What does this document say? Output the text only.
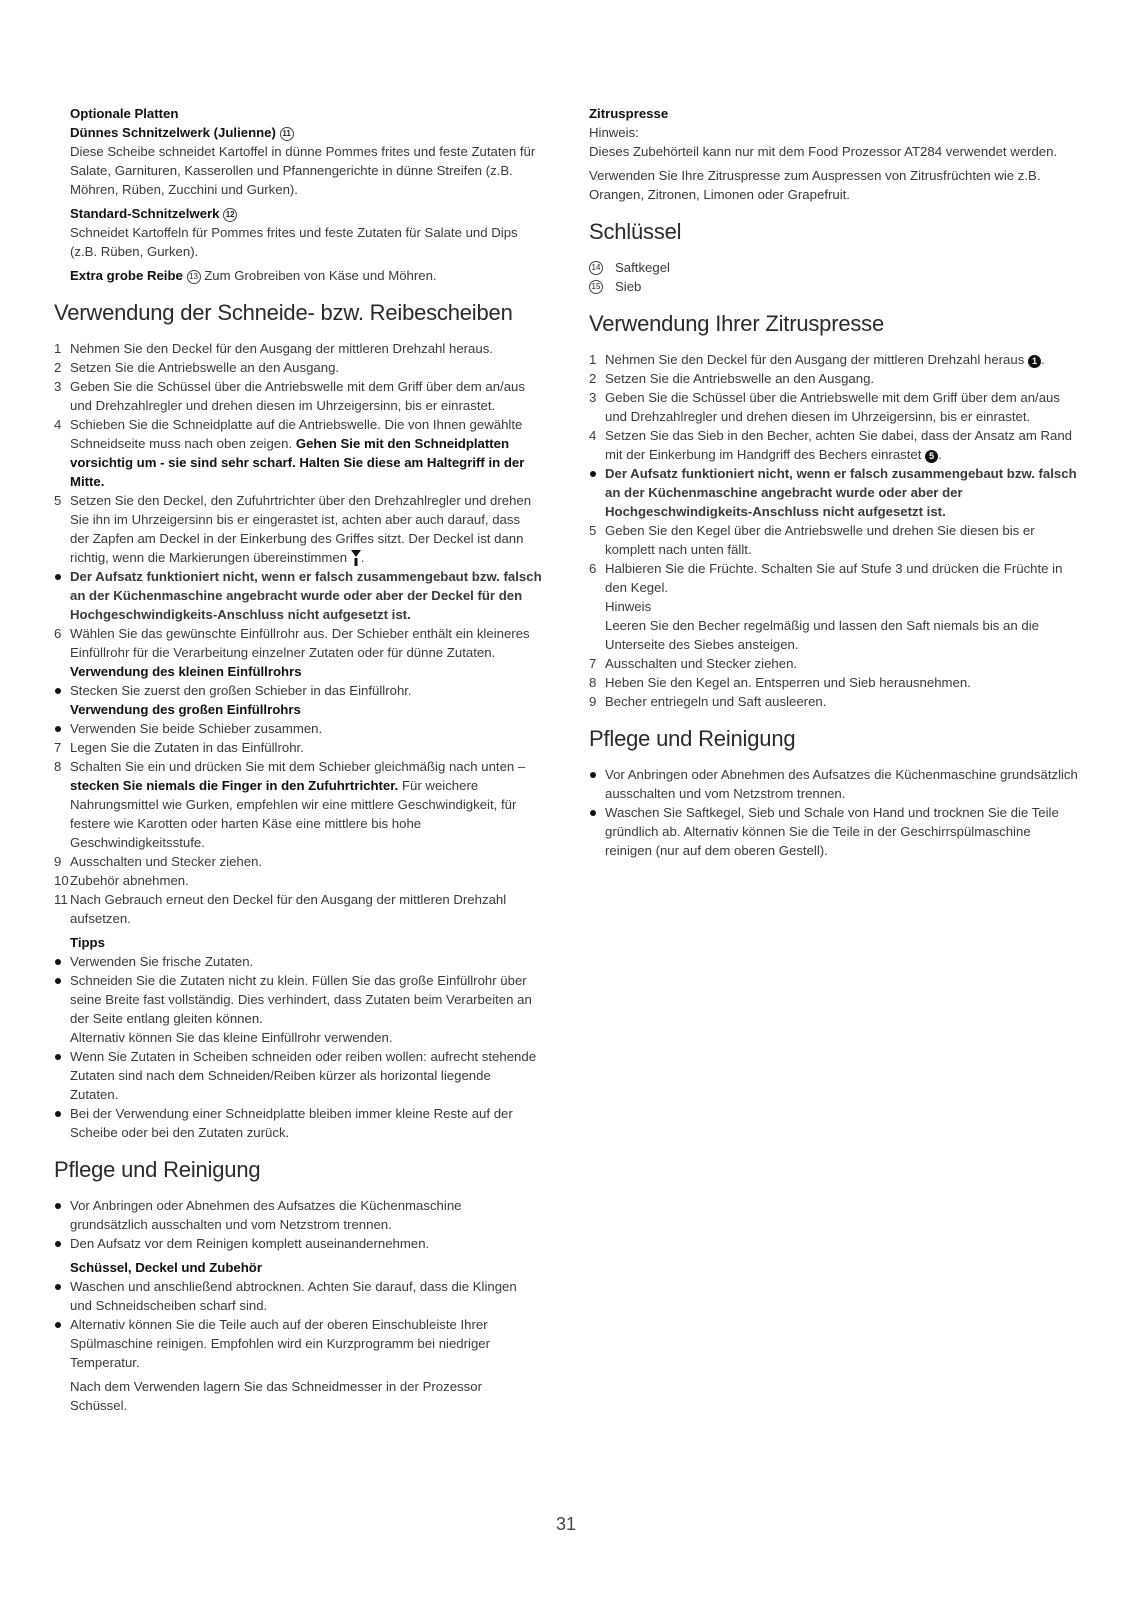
Optionale Platten
Dünnes Schnitzelwerk (Julienne) 11
Diese Scheibe schneidet Kartoffel in dünne Pommes frites und feste Zutaten für Salate, Garnituren, Kasserollen und Pfannengerichte in dünne Streifen (z.B. Möhren, Rüben, Zucchini und Gurken).
Standard-Schnitzelwerk 12
Schneidet Kartoffeln für Pommes frites und feste Zutaten für Salate und Dips (z.B. Rüben, Gurken).
Extra grobe Reibe 13 Zum Grobreiben von Käse und Möhren.
Verwendung der Schneide- bzw. Reibescheiben
1 Nehmen Sie den Deckel für den Ausgang der mittleren Drehzahl heraus.
2 Setzen Sie die Antriebswelle an den Ausgang.
3 Geben Sie die Schüssel über die Antriebswelle mit dem Griff über dem an/aus und Drehzahlregler und drehen diesen im Uhrzeigersinn, bis er einrastet.
4 Schieben Sie die Schneidplatte auf die Antriebswelle. Die von Ihnen gewählte Schneidseite muss nach oben zeigen. Gehen Sie mit den Schneidplatten vorsichtig um - sie sind sehr scharf. Halten Sie diese am Haltegriff in der Mitte.
5 Setzen Sie den Deckel, den Zufuhrtrichter über den Drehzahlregler und drehen Sie ihn im Uhrzeigersinn bis er eingerastet ist, achten aber auch darauf, dass der Zapfen am Deckel in der Einkerbung des Griffes sitzt. Der Deckel ist dann richtig, wenn die Markierungen übereinstimmen .
Der Aufsatz funktioniert nicht, wenn er falsch zusammengebaut bzw. falsch an der Küchenmaschine angebracht wurde oder aber der Deckel für den Hochgeschwindigkeits-Anschluss nicht aufgesetzt ist.
6 Wählen Sie das gewünschte Einfüllrohr aus. Der Schieber enthält ein kleineres Einfüllrohr für die Verarbeitung einzelner Zutaten oder für dünne Zutaten.
Verwendung des kleinen Einfüllrohrs
Stecken Sie zuerst den großen Schieber in das Einfüllrohr.
Verwendung des großen Einfüllrohrs
Verwenden Sie beide Schieber zusammen.
7 Legen Sie die Zutaten in das Einfüllrohr.
8 Schalten Sie ein und drücken Sie mit dem Schieber gleichmäßig nach unten – stecken Sie niemals die Finger in den Zufuhrtrichter. Für weichere Nahrungsmittel wie Gurken, empfehlen wir eine mittlere Geschwindigkeit, für festere wie Karotten oder harten Käse eine mittlere bis hohe Geschwindigkeitsstufe.
9 Ausschalten und Stecker ziehen.
10 Zubehör abnehmen.
11 Nach Gebrauch erneut den Deckel für den Ausgang der mittleren Drehzahl aufsetzen.
Tipps
Verwenden Sie frische Zutaten.
Schneiden Sie die Zutaten nicht zu klein. Füllen Sie das große Einfüllrohr über seine Breite fast vollständig. Dies verhindert, dass Zutaten beim Verarbeiten an der Seite entlang gleiten können.
Alternativ können Sie das kleine Einfüllrohr verwenden.
Wenn Sie Zutaten in Scheiben schneiden oder reiben wollen: aufrecht stehende Zutaten sind nach dem Schneiden/Reiben kürzer als horizontal liegende Zutaten.
Bei der Verwendung einer Schneidplatte bleiben immer kleine Reste auf der Scheibe oder bei den Zutaten zurück.
Pflege und Reinigung
Vor Anbringen oder Abnehmen des Aufsatzes die Küchenmaschine grundsätzlich ausschalten und vom Netzstrom trennen.
Den Aufsatz vor dem Reinigen komplett auseinandernehmen.
Schüssel, Deckel und Zubehör
Waschen und anschließend abtrocknen. Achten Sie darauf, dass die Klingen und Schneidscheiben scharf sind.
Alternativ können Sie die Teile auch auf der oberen Einschubleiste Ihrer Spülmaschine reinigen. Empfohlen wird ein Kurzprogramm bei niedriger Temperatur.
Nach dem Verwenden lagern Sie das Schneidmesser in der Prozessor Schüssel.
Zitruspresse
Hinweis:
Dieses Zubehörteil kann nur mit dem Food Prozessor AT284 verwendet werden.
Verwenden Sie Ihre Zitruspresse zum Auspressen von Zitrusfrüchten wie z.B. Orangen, Zitronen, Limonen oder Grapefruit.
Schlüssel
14 Saftkegel
15 Sieb
Verwendung Ihrer Zitruspresse
1 Nehmen Sie den Deckel für den Ausgang der mittleren Drehzahl heraus 1 .
2 Setzen Sie die Antriebswelle an den Ausgang.
3 Geben Sie die Schüssel über die Antriebswelle mit dem Griff über dem an/aus und Drehzahlregler und drehen diesen im Uhrzeigersinn, bis er einrastet.
4 Setzen Sie das Sieb in den Becher, achten Sie dabei, dass der Ansatz am Rand mit der Einkerbung im Handgriff des Bechers einrastet 5 .
Der Aufsatz funktioniert nicht, wenn er falsch zusammengebaut bzw. falsch an der Küchenmaschine angebracht wurde oder aber der Hochgeschwindigkeits-Anschluss nicht aufgesetzt ist.
5 Geben Sie den Kegel über die Antriebswelle und drehen Sie diesen bis er komplett nach unten fällt.
6 Halbieren Sie die Früchte. Schalten Sie auf Stufe 3 und drücken die Früchte in den Kegel.
Hinweis
Leeren Sie den Becher regelmäßig und lassen den Saft niemals bis an die Unterseite des Siebes ansteigen.
7 Ausschalten und Stecker ziehen.
8 Heben Sie den Kegel an. Entsperren und Sieb herausnehmen.
9 Becher entriegeln und Saft ausleeren.
Pflege und Reinigung
Vor Anbringen oder Abnehmen des Aufsatzes die Küchenmaschine grundsätzlich ausschalten und vom Netzstrom trennen.
Waschen Sie Saftkegel, Sieb und Schale von Hand und trocknen Sie die Teile gründlich ab. Alternativ können Sie die Teile in der Geschirrspülmaschine reinigen (nur auf dem oberen Gestell).
31
